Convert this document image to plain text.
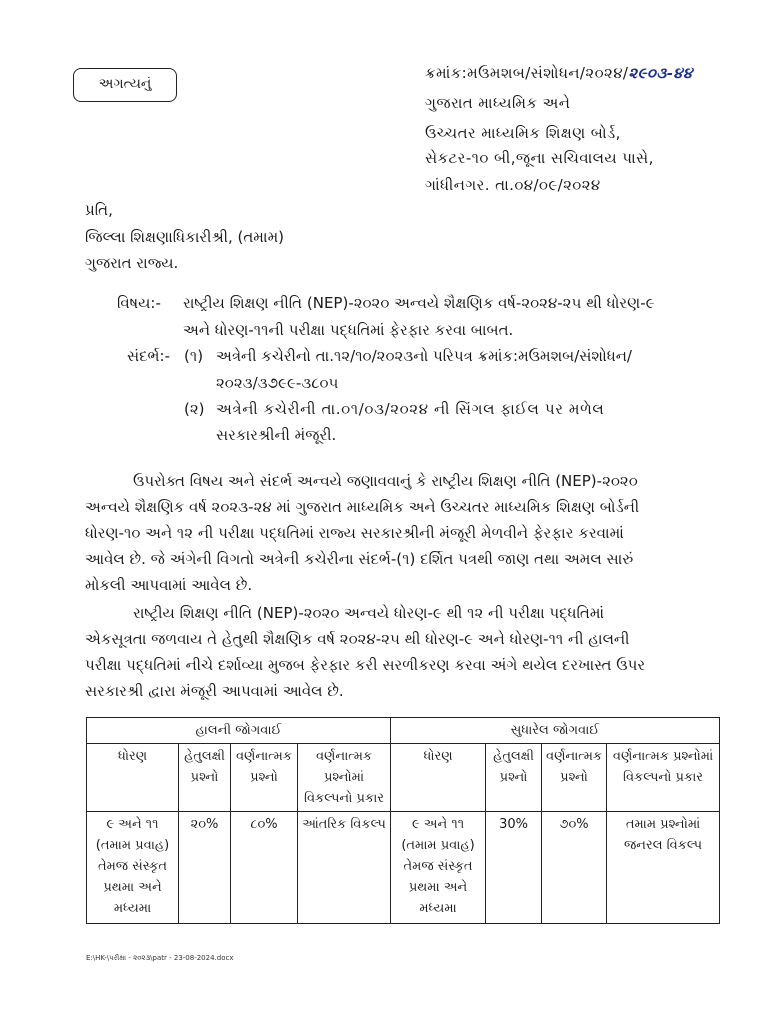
અગત્યનું
ક્રમાંક:મઉમશબ/સંશોધન/૨૦૨૪/૨૯૦૩-૪૪
ગુજરાત માધ્યમિક અને
ઉચ્ચતર માધ્યમિક શિક્ષણ બોર્ડ,
સેકટર-૧૦ બી,જૂના સચિવાલય પાસે,
ગાંધીનગર. તા.૦૪/૦૯/૨૦૨૪
પ્રતિ,
જિલ્લા શિક્ષણાધિકારીશ્રી, (તમામ)
ગુજરાત રાજ્ય.
વિષય:- રાષ્ટ્રીય શિક્ષણ નીતિ (NEP)-૨૦૨૦ અન્વયે શૈક્ષણિક વર્ષ-૨૦૨૪-૨૫ થી ધોરણ-૯
અને ધોરણ-૧૧ની પરીક્ષા પદ્ધતિમાં ફેરફાર કરવા બાબત.
સંદર્ભ:- (૧) અત્રેની કચેરીનો તા.૧૨/૧૦/૨૦૨૩નો પરિપત્ર ક્રમાંક:મઉમશબ/સંશોધન/
૨૦૨૩/૩૭૯૯-૩૮૦૫
(૨) અત્રેની કચેરીની તા.૦૧/૦૩/૨૦૨૪ ની સિંગલ ફાઈલ પર મળેલ
સરકારશ્રીની મંજૂરી.
ઉપરોક્ત વિષય અને સંદર્ભ અન્વયે જણાવવાનું કે રાષ્ટ્રીય શિક્ષણ નીતિ (NEP)-૨૦૨૦
અન્વયે શૈક્ષણિક વર્ષ ૨૦૨૩-૨૪ માં ગુજરાત માધ્યમિક અને ઉચ્ચતર માધ્યમિક શિક્ષણ બોર્ડની
ધોરણ-૧૦ અને ૧૨ ની પરીક્ષા પદ્ધતિમાં રાજ્ય સરકારશ્રીની મંજૂરી મેળવીને ફેરફાર કરવામાં
આવેલ છે. જે અંગેની વિગતો અત્રેની કચેરીના સંદર્ભ-(૧) દર્શિત પત્રથી જાણ તથા અમલ સારું
મોકલી આપવામાં આવેલ છે.
રાષ્ટ્રીય શિક્ષણ નીતિ (NEP)-૨૦૨૦ અન્વયે ધોરણ-૯ થી ૧૨ ની પરીક્ષા પદ્ધતિમાં
એકસૂત્રતા જળવાય તે હેતુથી શૈક્ષણિક વર્ષ ૨૦૨૪-૨૫ થી ધોરણ-૯ અને ધોરણ-૧૧ ની હાલની
પરીક્ષા પદ્ધતિમાં નીચે દર્શાવ્યા મુજબ ફેરફાર કરી સરળીકરણ કરવા અંગે થયેલ દરખાસ્ત ઉપર
સરકારશ્રી દ્વારા મંજૂરી આપવામાં આવેલ છે.
હાલની જોગવાઈ				સુધારેલ જોગવાઈ			
ધોરણ	હેતુલક્ષી પ્રશ્નો	વર્ણનાત્મક પ્રશ્નો	વર્ણનાત્મક પ્રશ્નોમાં વિકલ્પનો પ્રકાર	ધોરણ	હેતુલક્ષી પ્રશ્નો	વર્ણનાત્મક પ્રશ્નો	વર્ણનાત્મક પ્રશ્નોમાં વિકલ્પનો પ્રકાર
૯ અને ૧૧ (તમામ પ્રવાહ) તેમજ સંસ્કૃત પ્રથમા અને મધ્યમા	૨૦%	૮૦%	આંતરિક વિકલ્પ	૯ અને ૧૧ (તમામ પ્રવાહ) તેમજ સંસ્કૃત પ્રથમા અને મધ્યમા	30%	૭૦%	તમામ પ્રશ્નોમાં જનરલ વિકલ્પ
E:\HK-\પરીક્ષા - ૨૦૨૩\patr - 23-08-2024.docx
